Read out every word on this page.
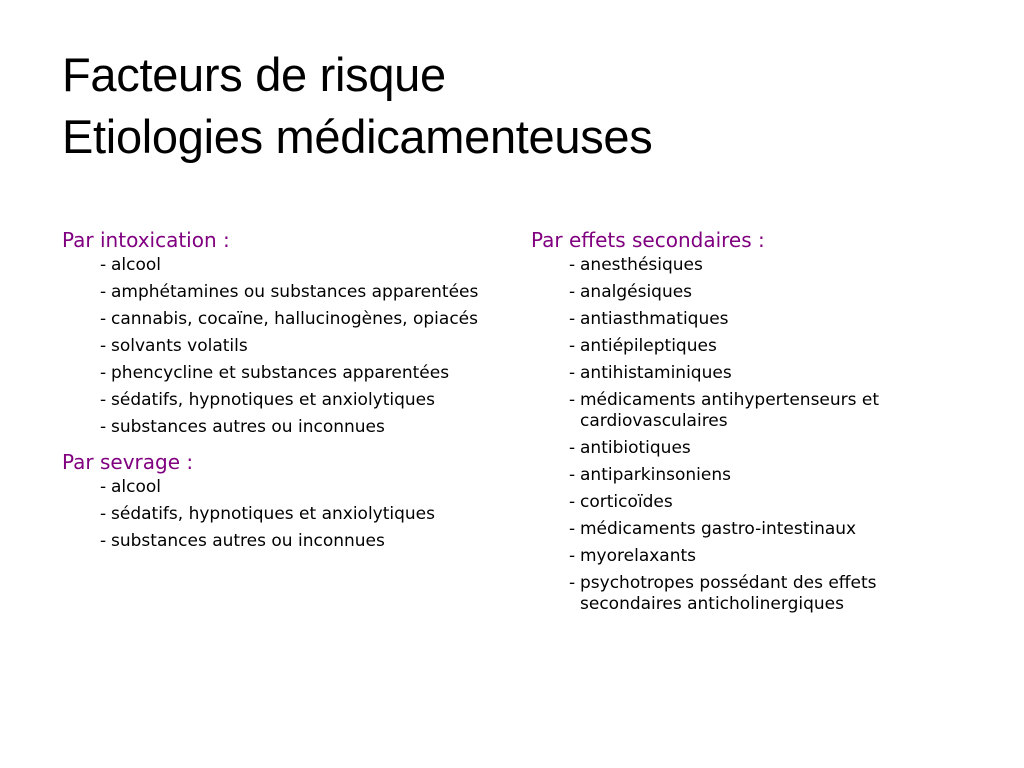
Facteurs de risque
Etiologies médicamenteuses
Par intoxication :
- alcool
- amphétamines ou substances apparentées
- cannabis, cocaïne, hallucinogènes, opiacés
- solvants volatils
- phencycline et substances apparentées
- sédatifs, hypnotiques et anxiolytiques
- substances autres ou inconnues
Par sevrage :
- alcool
- sédatifs, hypnotiques et anxiolytiques
- substances autres ou inconnues
Par effets secondaires :
- anesthésiques
- analgésiques
- antiasthmatiques
- antiépileptiques
- antihistaminiques
- médicaments antihypertenseurs et cardiovasculaires
- antibiotiques
- antiparkinsoniens
- corticoïdes
- médicaments gastro-intestinaux
- myorelaxants
- psychotropes possédant des effets secondaires anticholinergiques
